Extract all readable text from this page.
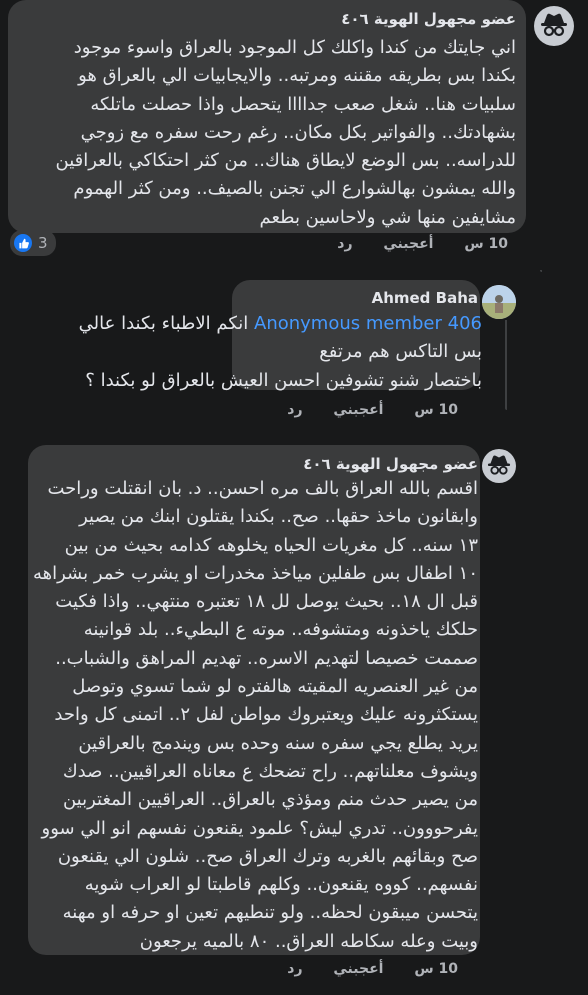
عضو مجهول الهوية ٤٠٦
اني جايتك من كندا واكلك كل الموجود بالعراق واسوء موجود
بكندا بس بطريقه مقننه ومرتبه.. والايجابيات الي بالعراق هو
سلبيات هنا.. شغل صعب جداااا يتحصل واذا حصلت ماتلكه
بشهادتك.. والفواتير بكل مكان.. رغم رحت سفره مع زوجي
للدراسه.. بس الوضع لايطاق هناك.. من كثر احتكاكي بالعراقين
والله يمشون بهالشوارع الي تجنن بالصيف.. ومن كثر الهموم
مشايفين منها شي ولاحاسين بطعم
3	10 س أعجبني رد
Ahmed Baha
Anonymous member 406 انكم الاطباء بكندا عالي
بس التاكس هم مرتفع
باختصار شنو تشوفين احسن العيش بالعراق لو بكندا ؟
10 س أعجبني رد
عضو مجهول الهوية ٤٠٦
اقسم بالله العراق بالف مره احسن.. د. بان انقتلت وراحت
وابقانون ماخذ حقها.. صح.. بكندا يقتلون ابنك من يصير
١٣ سنه.. كل مغريات الحياه يخلوهه كدامه بحيث من بين
١٠ اطفال بس طفلين مياخذ مخدرات او يشرب خمر بشراهه
قبل ال ١٨.. بحيث يوصل لل ١٨ تعتبره منتهي.. واذا فكيت
حلكك ياخذونه ومتشوفه.. موته ع البطيء.. بلد قوانينه
صممت خصيصا لتهديم الاسره.. تهديم المراهق والشباب..
من غير العنصريه المقيته هالفتره لو شما تسوي وتوصل
يستكثرونه عليك ويعتبروك مواطن لفل ٢.. اتمنى كل واحد
يريد يطلع يجي سفره سنه وحده بس ويندمج بالعراقين
ويشوف معلناتهم.. راح تضحك ع معاناه العراقيين.. صدك
من يصير حدث منم ومؤذي بالعراق.. العراقيين المغتربين
يفرحووون.. تدري ليش؟ علمود يقنعون نفسهم انو الي سوو
صح وبقائهم بالغربه وترك العراق صح.. شلون الي يقنعون
نفسهم.. كووه يقنعون.. وكلهم قاطبتا لو العراب شويه
يتحسن ميبقون لحظه.. ولو تنطيهم تعين او حرفه او مهنه
وبيت وعله سكاطه العراق.. ٨٠ بالميه يرجعون
10 س أعجبني رد
